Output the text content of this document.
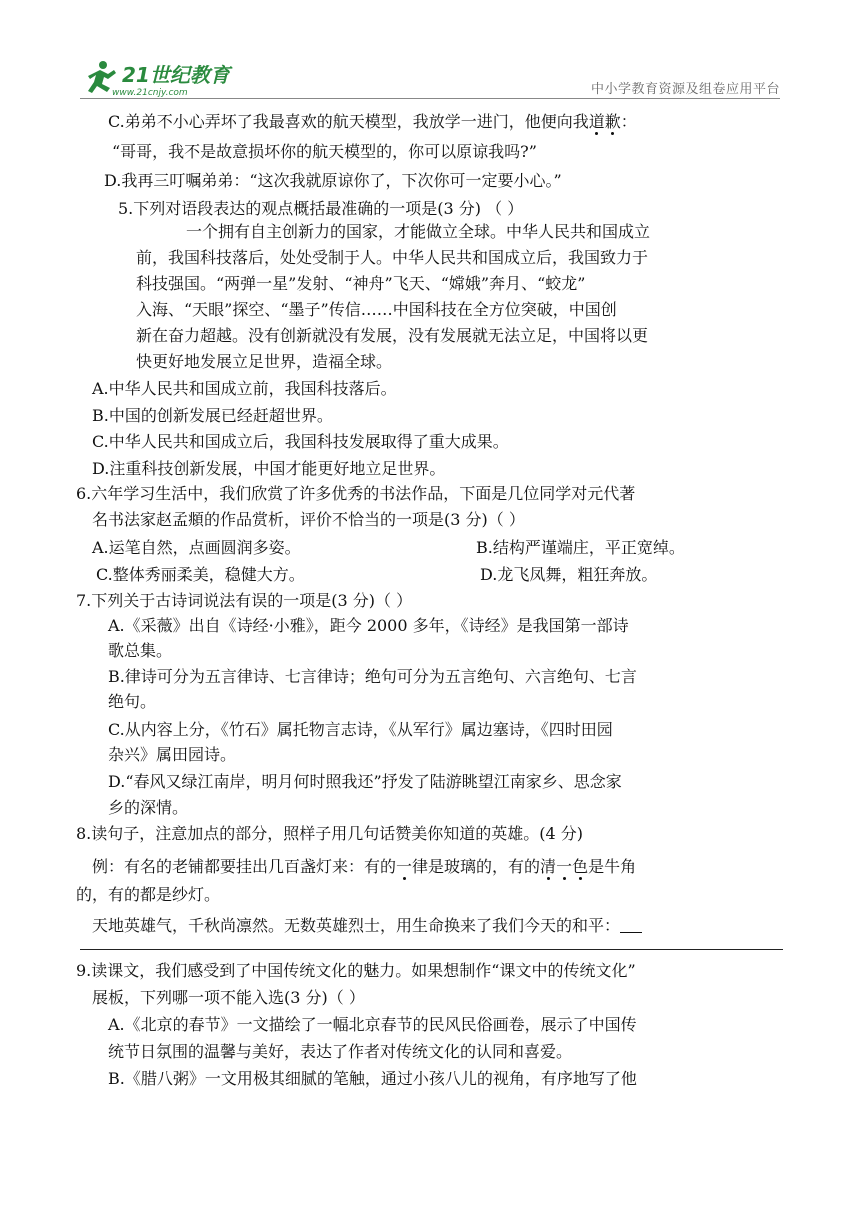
21世纪教育
www.21cnjy.com	中小学教育资源及组卷应用平台
C.弟弟不小心弄坏了我最喜欢的航天模型，我放学一进门，他便向我道歉：
“哥哥，我不是故意损坏你的航天模型的，你可以原谅我吗?”
D.我再三叮嘱弟弟：“这次我就原谅你了，下次你可一定要小心。”
5.下列对语段表达的观点概括最准确的一项是(3 分) （ ）
一个拥有自主创新力的国家，才能做立全球。中华人民共和国成立
前，我国科技落后，处处受制于人。中华人民共和国成立后，我国致力于
科技强国。“两弹一星”发射、“神舟”飞天、“嫦娥”奔月、“蛟龙”
入海、“天眼”探空、“墨子”传信……中国科技在全方位突破，中国创
新在奋力超越。没有创新就没有发展，没有发展就无法立足，中国将以更
快更好地发展立足世界，造福全球。
A.中华人民共和国成立前，我国科技落后。
B.中国的创新发展已经赶超世界。
C.中华人民共和国成立后，我国科技发展取得了重大成果。
D.注重科技创新发展，中国才能更好地立足世界。
6.六年学习生活中，我们欣赏了许多优秀的书法作品，下面是几位同学对元代著
名书法家赵孟頫的作品赏析，评价不恰当的一项是(3 分)（ ）
A.运笔自然，点画圆润多姿。	B.结构严谨端庄，平正宽绰。
C.整体秀丽柔美，稳健大方。	D.龙飞凤舞，粗狂奔放。
7.下列关于古诗词说法有误的一项是(3 分)（ ）
A.《采薇》出自《诗经·小雅》，距今 2000 多年，《诗经》是我国第一部诗
歌总集。
B.律诗可分为五言律诗、七言律诗；绝句可分为五言绝句、六言绝句、七言
绝句。
C.从内容上分，《竹石》属托物言志诗，《从军行》属边塞诗，《四时田园
杂兴》属田园诗。
D.“春风又绿江南岸，明月何时照我还”抒发了陆游眺望江南家乡、思念家
乡的深情。
8.读句子，注意加点的部分，照样子用几句话赞美你知道的英雄。(4 分)
例：有名的老铺都要挂出几百盏灯来：有的一律是玻璃的，有的清一色是牛角
的，有的都是纱灯。
天地英雄气，千秋尚凛然。无数英雄烈士，用生命换来了我们今天的和平：
9.读课文，我们感受到了中国传统文化的魅力。如果想制作“课文中的传统文化”
展板，下列哪一项不能入选(3 分)（ ）
A.《北京的春节》一文描绘了一幅北京春节的民风民俗画卷，展示了中国传
统节日氛围的温馨与美好，表达了作者对传统文化的认同和喜爱。
B.《腊八粥》一文用极其细腻的笔触，通过小孩八儿的视角，有序地写了他
